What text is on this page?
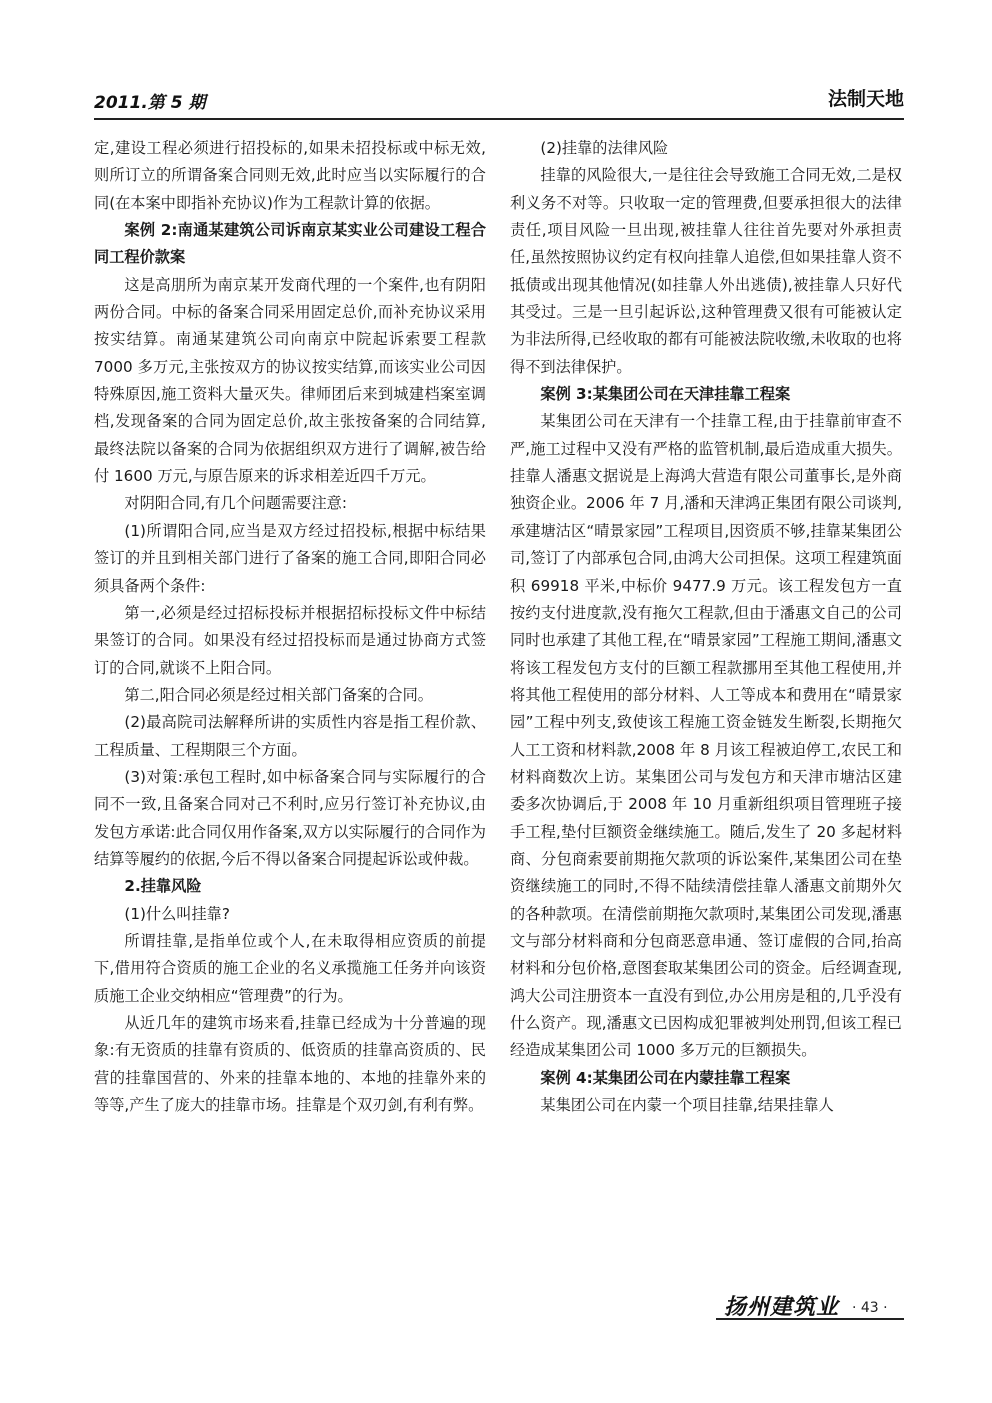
2011.第 5 期	法制天地

定,建设工程必须进行招投标的,如果未招投标或中标无效,则所订立的所谓备案合同则无效,此时应当以实际履行的合同(在本案中即指补充协议)作为工程款计算的依据。

案例 2:南通某建筑公司诉南京某实业公司建设工程合同工程价款案

这是高朋所为南京某开发商代理的一个案件,也有阴阳两份合同。中标的备案合同采用固定总价,而补充协议采用按实结算。南通某建筑公司向南京中院起诉索要工程款 7000 多万元,主张按双方的协议按实结算,而该实业公司因特殊原因,施工资料大量灭失。律师团后来到城建档案室调档,发现备案的合同为固定总价,故主张按备案的合同结算,最终法院以备案的合同为依据组织双方进行了调解,被告给付 1600 万元,与原告原来的诉求相差近四千万元。

对阴阳合同,有几个问题需要注意:

(1)所谓阳合同,应当是双方经过招投标,根据中标结果签订的并且到相关部门进行了备案的施工合同,即阳合同必须具备两个条件:

第一,必须是经过招标投标并根据招标投标文件中标结果签订的合同。如果没有经过招投标而是通过协商方式签订的合同,就谈不上阳合同。

第二,阳合同必须是经过相关部门备案的合同。

(2)最高院司法解释所讲的实质性内容是指工程价款、工程质量、工程期限三个方面。

(3)对策:承包工程时,如中标备案合同与实际履行的合同不一致,且备案合同对己不利时,应另行签订补充协议,由发包方承诺:此合同仅用作备案,双方以实际履行的合同作为结算等履约的依据,今后不得以备案合同提起诉讼或仲裁。

2.挂靠风险

(1)什么叫挂靠?

所谓挂靠,是指单位或个人,在未取得相应资质的前提下,借用符合资质的施工企业的名义承揽施工任务并向该资质施工企业交纳相应“管理费”的行为。

从近几年的建筑市场来看,挂靠已经成为十分普遍的现象:有无资质的挂靠有资质的、低资质的挂靠高资质的、民营的挂靠国营的、外来的挂靠本地的、本地的挂靠外来的等等,产生了庞大的挂靠市场。挂靠是个双刃剑,有利有弊。

(2)挂靠的法律风险

挂靠的风险很大,一是往往会导致施工合同无效,二是权利义务不对等。只收取一定的管理费,但要承担很大的法律责任,项目风险一旦出现,被挂靠人往往首先要对外承担责任,虽然按照协议约定有权向挂靠人追偿,但如果挂靠人资不抵债或出现其他情况(如挂靠人外出逃债),被挂靠人只好代其受过。三是一旦引起诉讼,这种管理费又很有可能被认定为非法所得,已经收取的都有可能被法院收缴,未收取的也将得不到法律保护。

案例 3:某集团公司在天津挂靠工程案

某集团公司在天津有一个挂靠工程,由于挂靠前审查不严,施工过程中又没有严格的监管机制,最后造成重大损失。挂靠人潘惠文据说是上海鸿大营造有限公司董事长,是外商独资企业。2006 年 7 月,潘和天津鸿正集团有限公司谈判,承建塘沽区“晴景家园”工程项目,因资质不够,挂靠某集团公司,签订了内部承包合同,由鸿大公司担保。这项工程建筑面积 69918 平米,中标价 9477.9 万元。该工程发包方一直按约支付进度款,没有拖欠工程款,但由于潘惠文自己的公司同时也承建了其他工程,在“晴景家园”工程施工期间,潘惠文将该工程发包方支付的巨额工程款挪用至其他工程使用,并将其他工程使用的部分材料、人工等成本和费用在“晴景家园”工程中列支,致使该工程施工资金链发生断裂,长期拖欠人工工资和材料款,2008 年 8 月该工程被迫停工,农民工和材料商数次上访。某集团公司与发包方和天津市塘沽区建委多次协调后,于 2008 年 10 月重新组织项目管理班子接手工程,垫付巨额资金继续施工。随后,发生了 20 多起材料商、分包商索要前期拖欠款项的诉讼案件,某集团公司在垫资继续施工的同时,不得不陆续清偿挂靠人潘惠文前期外欠的各种款项。在清偿前期拖欠款项时,某集团公司发现,潘惠文与部分材料商和分包商恶意串通、签订虚假的合同,抬高材料和分包价格,意图套取某集团公司的资金。后经调查现,鸿大公司注册资本一直没有到位,办公用房是租的,几乎没有什么资产。现,潘惠文已因构成犯罪被判处刑罚,但该工程已经造成某集团公司 1000 多万元的巨额损失。

案例 4:某集团公司在内蒙挂靠工程案

某集团公司在内蒙一个项目挂靠,结果挂靠人

扬州建筑业 · 43 ·
